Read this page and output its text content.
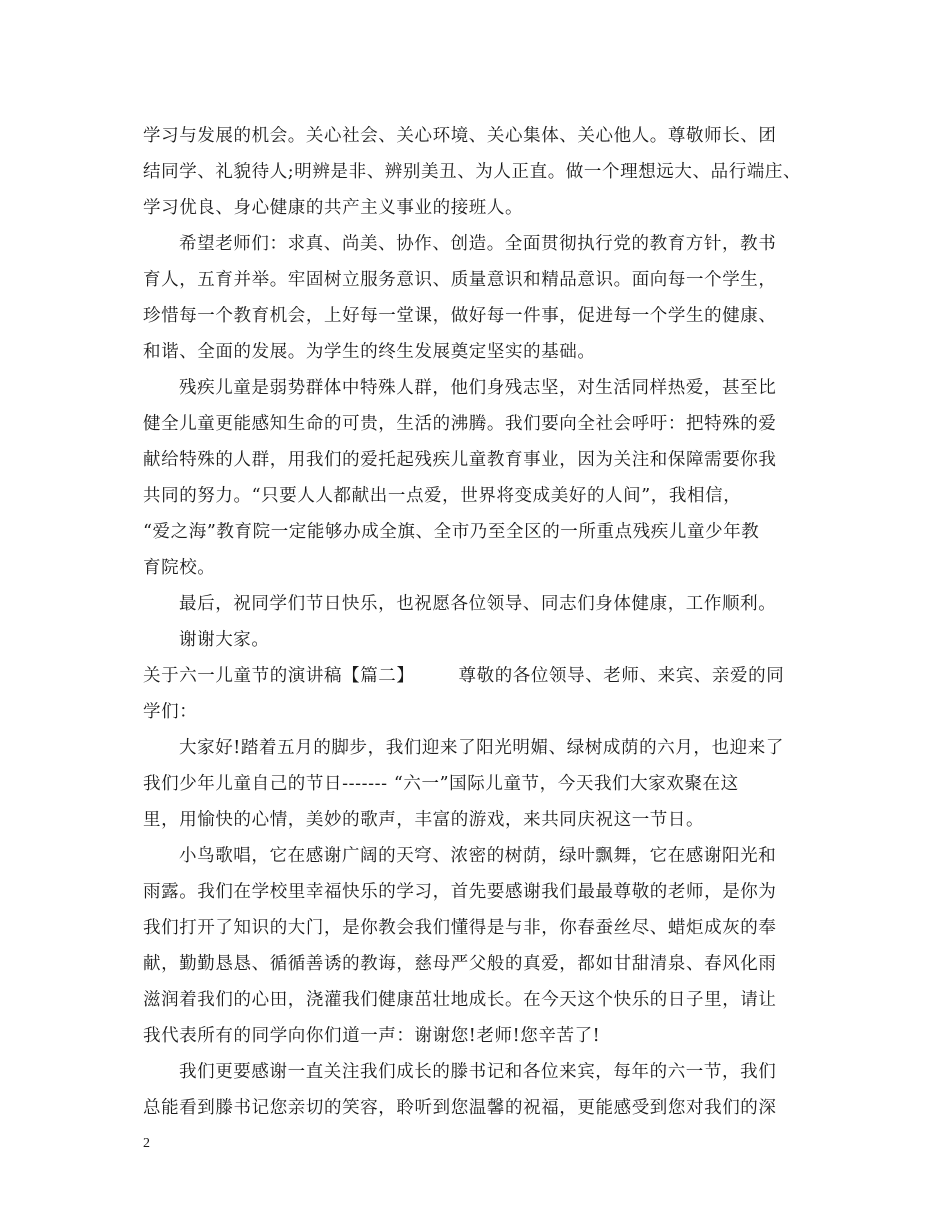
学习与发展的机会。关心社会、关心环境、关心集体、关心他人。尊敬师长、团
结同学、礼貌待人;明辨是非、辨别美丑、为人正直。做一个理想远大、品行端庄、
学习优良、身心健康的共产主义事业的接班人。
希望老师们：求真、尚美、协作、创造。全面贯彻执行党的教育方针，教书
育人，五育并举。牢固树立服务意识、质量意识和精品意识。面向每一个学生，
珍惜每一个教育机会，上好每一堂课，做好每一件事，促进每一个学生的健康、
和谐、全面的发展。为学生的终生发展奠定坚实的基础。
残疾儿童是弱势群体中特殊人群，他们身残志坚，对生活同样热爱，甚至比
健全儿童更能感知生命的可贵，生活的沸腾。我们要向全社会呼吁：把特殊的爱
献给特殊的人群，用我们的爱托起残疾儿童教育事业，因为关注和保障需要你我
共同的努力。“只要人人都献出一点爱，世界将变成美好的人间”，我相信，
“爱之海”教育院一定能够办成全旗、全市乃至全区的一所重点残疾儿童少年教
育院校。
最后，祝同学们节日快乐，也祝愿各位领导、同志们身体健康，工作顺利。
谢谢大家。
关于六一儿童节的演讲稿【篇二】	尊敬的各位领导、老师、来宾、亲爱的同
学们：
大家好!踏着五月的脚步，我们迎来了阳光明媚、绿树成荫的六月，也迎来了
我们少年儿童自己的节日------- “六一”国际儿童节，今天我们大家欢聚在这
里，用愉快的心情，美妙的歌声，丰富的游戏，来共同庆祝这一节日。
小鸟歌唱，它在感谢广阔的天穹、浓密的树荫，绿叶飘舞，它在感谢阳光和
雨露。我们在学校里幸福快乐的学习，首先要感谢我们最最尊敬的老师，是你为
我们打开了知识的大门，是你教会我们懂得是与非，你春蚕丝尽、蜡炬成灰的奉
献，勤勤恳恳、循循善诱的教诲，慈母严父般的真爱，都如甘甜清泉、春风化雨
滋润着我们的心田，浇灌我们健康茁壮地成长。在今天这个快乐的日子里，请让
我代表所有的同学向你们道一声：谢谢您!老师!您辛苦了!
我们更要感谢一直关注我们成长的滕书记和各位来宾，每年的六一节，我们
总能看到滕书记您亲切的笑容，聆听到您温馨的祝福，更能感受到您对我们的深
2
